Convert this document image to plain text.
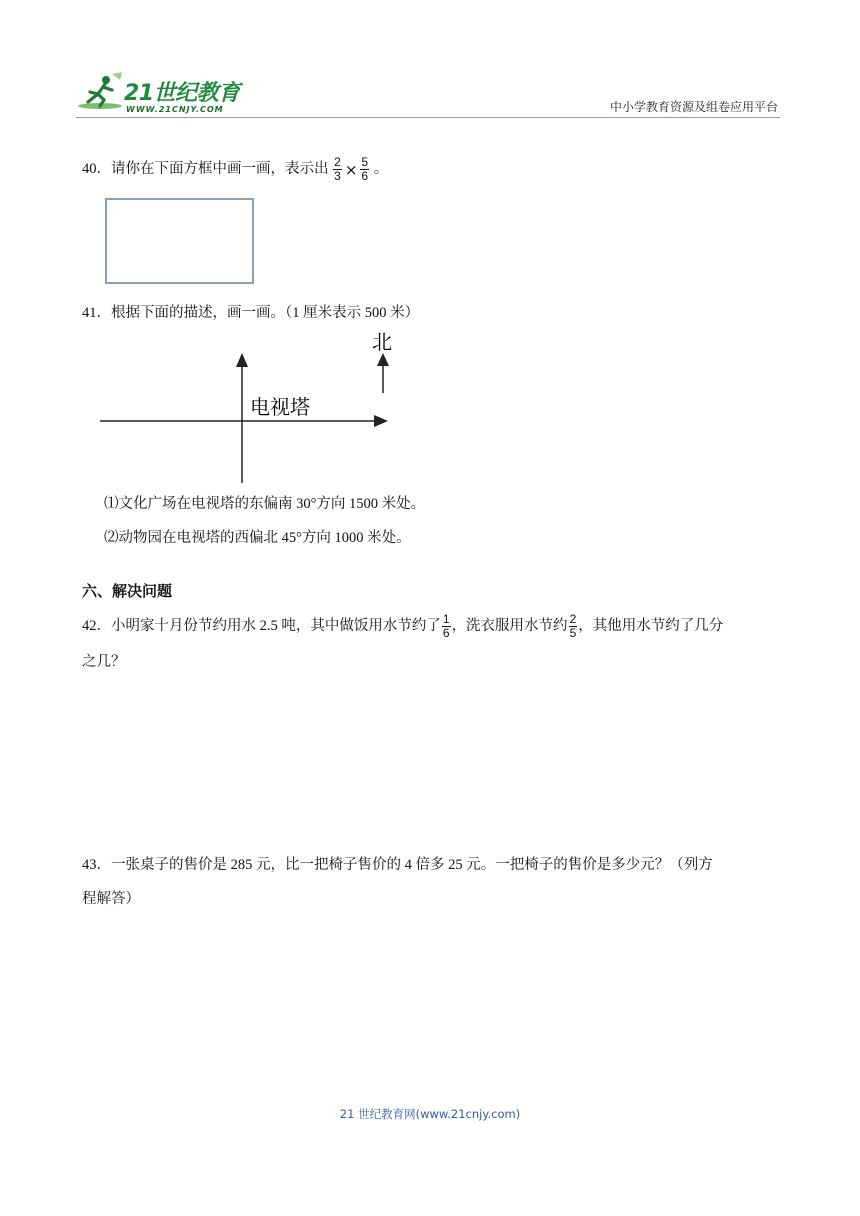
21世纪教育
WWW.21CNJY.COM	中小学教育资源及组卷应用平台
40．请你在下面方框中画一画，表示出 $\frac{2}{3} \times \frac{5}{6}$ 。
41．根据下面的描述，画一画。（1 厘米表示 500 米）
北
电视塔
⑴文化广场在电视塔的东偏南 30°方向 1500 米处。
⑵动物园在电视塔的西偏北 45°方向 1000 米处。
六、解决问题
42．小明家十月份节约用水 2.5 吨，其中做饭用水节约了 $\frac{1}{6}$ ，洗衣服用水节约 $\frac{2}{5}$ ，其他用水节约了几分
之几？
43．一张桌子的售价是 285 元，比一把椅子售价的 4 倍多 25 元。一把椅子的售价是多少元？（列方
程解答）
21 世纪教育网(www.21cnjy.com)
